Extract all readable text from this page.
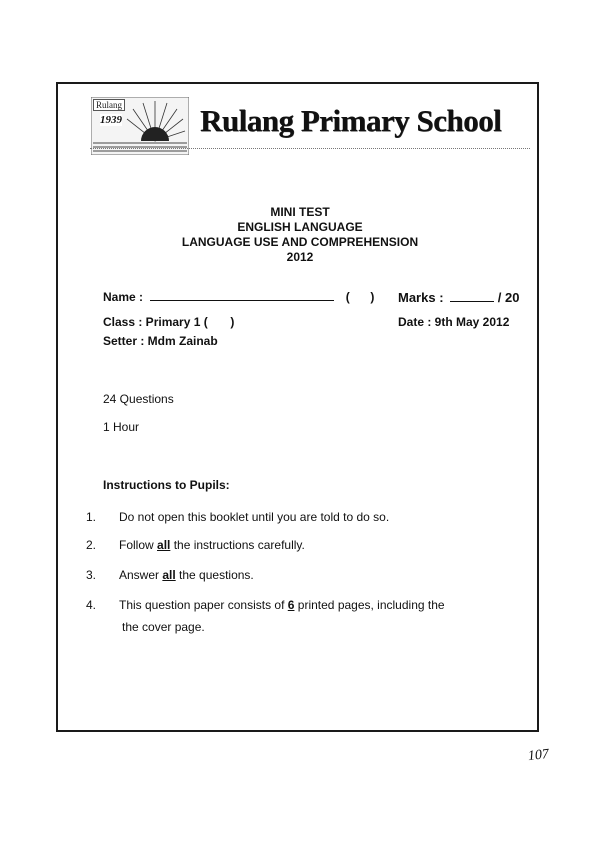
Rulang
1939	Rulang Primary School
MINI TEST
ENGLISH LANGUAGE
LANGUAGE USE AND COMPREHENSION
2012
Name :	( ) Marks :	/ 20
Class : Primary 1 ( )	Date : 9th May 2012
Setter : Mdm Zainab
24 Questions
1 Hour
Instructions to Pupils:
1. Do not open this booklet until you are told to do so.
2. Follow all the instructions carefully.
3. Answer all the questions.
4. This question paper consists of 6 printed pages, including the
the cover page.
107
